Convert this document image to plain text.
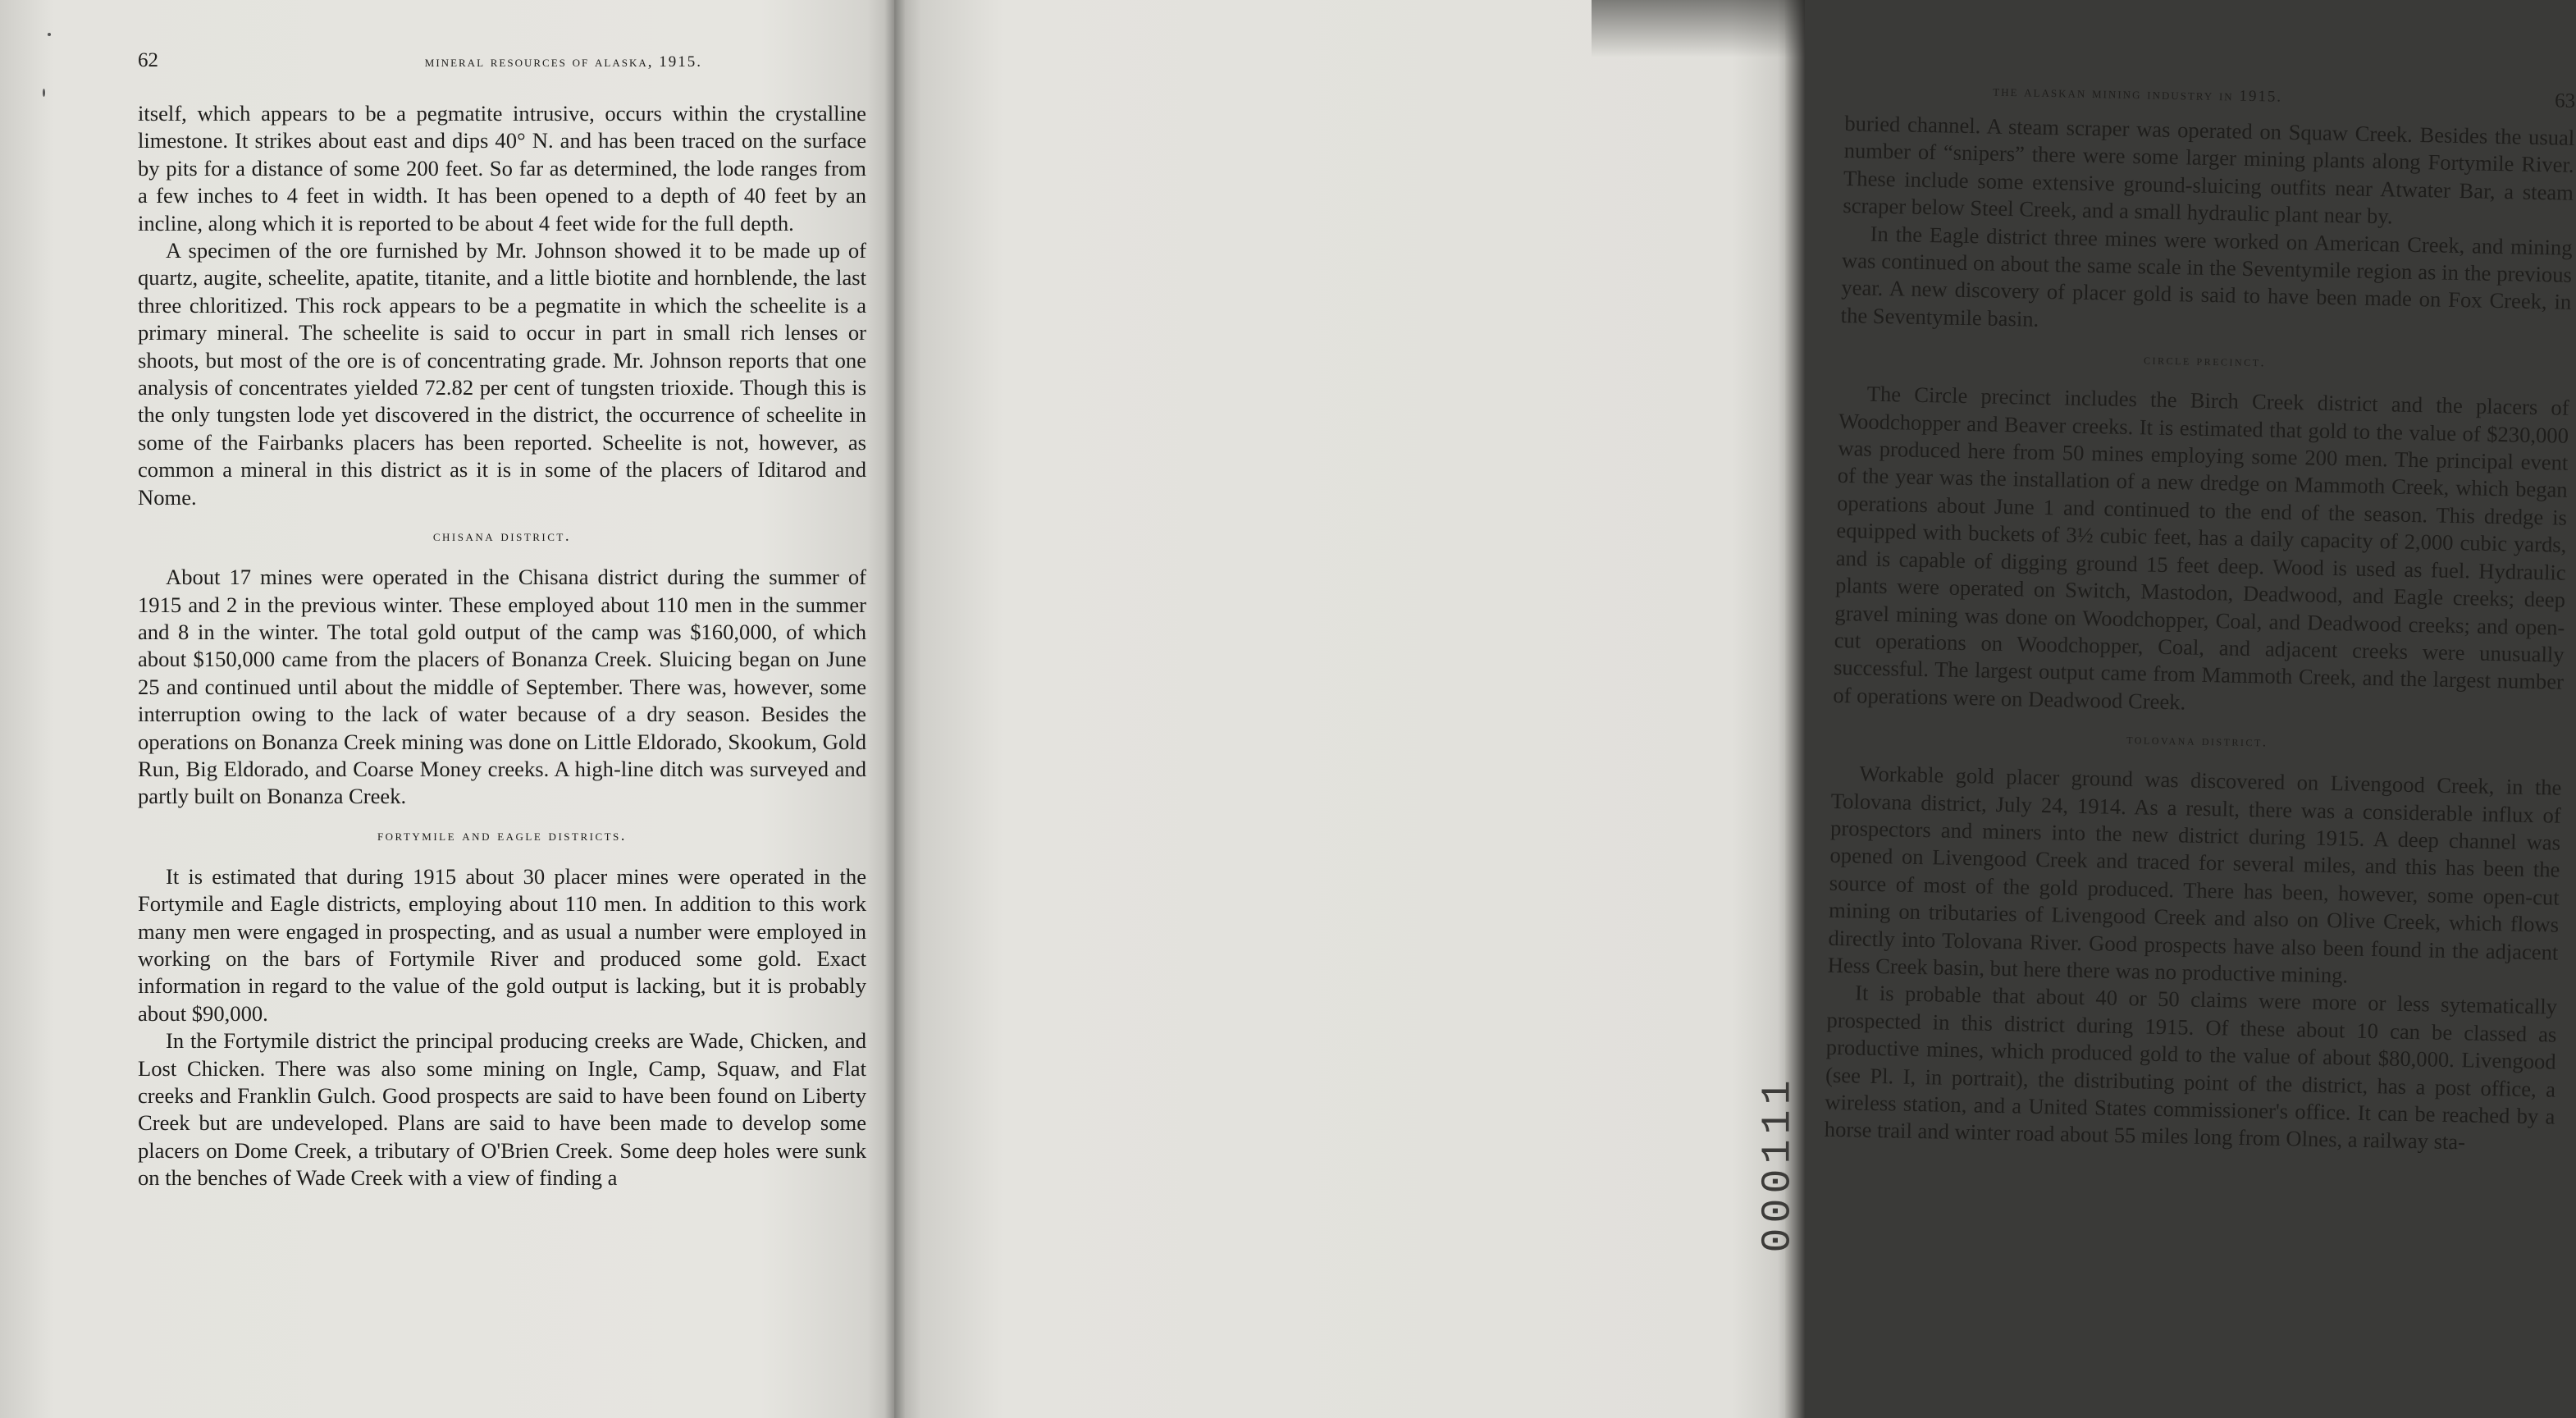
62	mineral resources of alaska, 1915.

itself, which appears to be a pegmatite intrusive, occurs within the crystalline limestone. It strikes about east and dips 40° N. and has been traced on the surface by pits for a distance of some 200 feet. So far as determined, the lode ranges from a few inches to 4 feet in width. It has been opened to a depth of 40 feet by an incline, along which it is reported to be about 4 feet wide for the full depth.

A specimen of the ore furnished by Mr. Johnson showed it to be made up of quartz, augite, scheelite, apatite, titanite, and a little biotite and hornblende, the last three chloritized. This rock appears to be a pegmatite in which the scheelite is a primary mineral. The scheelite is said to occur in part in small rich lenses or shoots, but most of the ore is of concentrating grade. Mr. Johnson reports that one analysis of concentrates yielded 72.82 per cent of tungsten trioxide. Though this is the only tungsten lode yet discovered in the district, the occurrence of scheelite in some of the Fairbanks placers has been reported. Scheelite is not, however, as common a mineral in this district as it is in some of the placers of Iditarod and Nome.

chisana district.

About 17 mines were operated in the Chisana district during the summer of 1915 and 2 in the previous winter. These employed about 110 men in the summer and 8 in the winter. The total gold output of the camp was $160,000, of which about $150,000 came from the placers of Bonanza Creek. Sluicing began on June 25 and continued until about the middle of September. There was, however, some interruption owing to the lack of water because of a dry season. Besides the operations on Bonanza Creek mining was done on Little Eldorado, Skookum, Gold Run, Big Eldorado, and Coarse Money creeks. A high-line ditch was surveyed and partly built on Bonanza Creek.

fortymile and eagle districts.

It is estimated that during 1915 about 30 placer mines were operated in the Fortymile and Eagle districts, employing about 110 men. In addition to this work many men were engaged in prospecting, and as usual a number were employed in working on the bars of Fortymile River and produced some gold. Exact information in regard to the value of the gold output is lacking, but it is probably about $90,000.

In the Fortymile district the principal producing creeks are Wade, Chicken, and Lost Chicken. There was also some mining on Ingle, Camp, Squaw, and Flat creeks and Franklin Gulch. Good prospects are said to have been found on Liberty Creek but are undeveloped. Plans are said to have been made to develop some placers on Dome Creek, a tributary of O'Brien Creek. Some deep holes were sunk on the benches of Wade Creek with a view of finding a

the alaskan mining industry in 1915.	63

buried channel. A steam scraper was operated on Squaw Creek. Besides the usual number of “snipers” there were some larger mining plants along Fortymile River. These include some extensive ground-sluicing outfits near Atwater Bar, a steam scraper below Steel Creek, and a small hydraulic plant near by.

In the Eagle district three mines were worked on American Creek, and mining was continued on about the same scale in the Seventymile region as in the previous year. A new discovery of placer gold is said to have been made on Fox Creek, in the Seventymile basin.

circle precinct.

The Circle precinct includes the Birch Creek district and the placers of Woodchopper and Beaver creeks. It is estimated that gold to the value of $230,000 was produced here from 50 mines employing some 200 men. The principal event of the year was the installation of a new dredge on Mammoth Creek, which began operations about June 1 and continued to the end of the season. This dredge is equipped with buckets of 3½ cubic feet, has a daily capacity of 2,000 cubic yards, and is capable of digging ground 15 feet deep. Wood is used as fuel. Hydraulic plants were operated on Switch, Mastodon, Deadwood, and Eagle creeks; deep gravel mining was done on Woodchopper, Coal, and Deadwood creeks; and open-cut operations on Woodchopper, Coal, and adjacent creeks were unusually successful. The largest output came from Mammoth Creek, and the largest number of operations were on Deadwood Creek.

tolovana district.

Workable gold placer ground was discovered on Livengood Creek, in the Tolovana district, July 24, 1914. As a result, there was a considerable influx of prospectors and miners into the new district during 1915. A deep channel was opened on Livengood Creek and traced for several miles, and this has been the source of most of the gold produced. There has been, however, some open-cut mining on tributaries of Livengood Creek and also on Olive Creek, which flows directly into Tolovana River. Good prospects have also been found in the adjacent Hess Creek basin, but here there was no productive mining.

It is probable that about 40 or 50 claims were more or less sytematically prospected in this district during 1915. Of these about 10 can be classed as productive mines, which produced gold to the value of about $80,000. Livengood (see Pl. I, in portrait), the distributing point of the district, has a post office, a wireless station, and a United States commissioner's office. It can be reached by a horse trail and winter road about 55 miles long from Olnes, a railway sta-

000111
